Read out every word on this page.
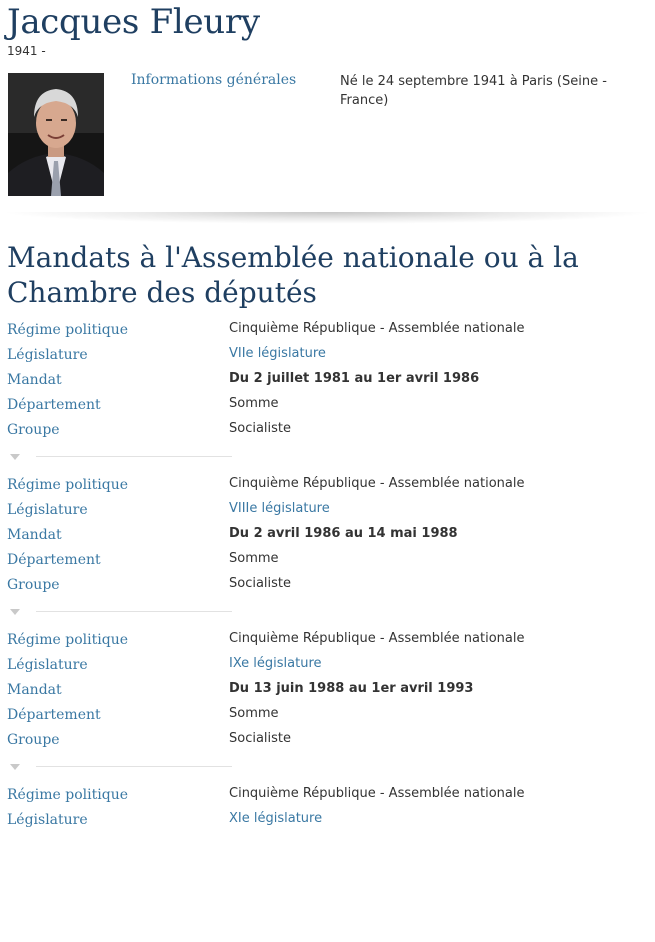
Jacques Fleury
1941 -
Informations générales	Né le 24 septembre 1941 à Paris (Seine - France)
Mandats à l'Assemblée nationale ou à la Chambre des députés
Régime politique	Cinquième République - Assemblée nationale
Législature	VIIe législature
Mandat	Du 2 juillet 1981 au 1er avril 1986
Département	Somme
Groupe	Socialiste
Régime politique	Cinquième République - Assemblée nationale
Législature	VIIIe législature
Mandat	Du 2 avril 1986 au 14 mai 1988
Département	Somme
Groupe	Socialiste
Régime politique	Cinquième République - Assemblée nationale
Législature	IXe législature
Mandat	Du 13 juin 1988 au 1er avril 1993
Département	Somme
Groupe	Socialiste
Régime politique	Cinquième République - Assemblée nationale
Législature	XIe législature
